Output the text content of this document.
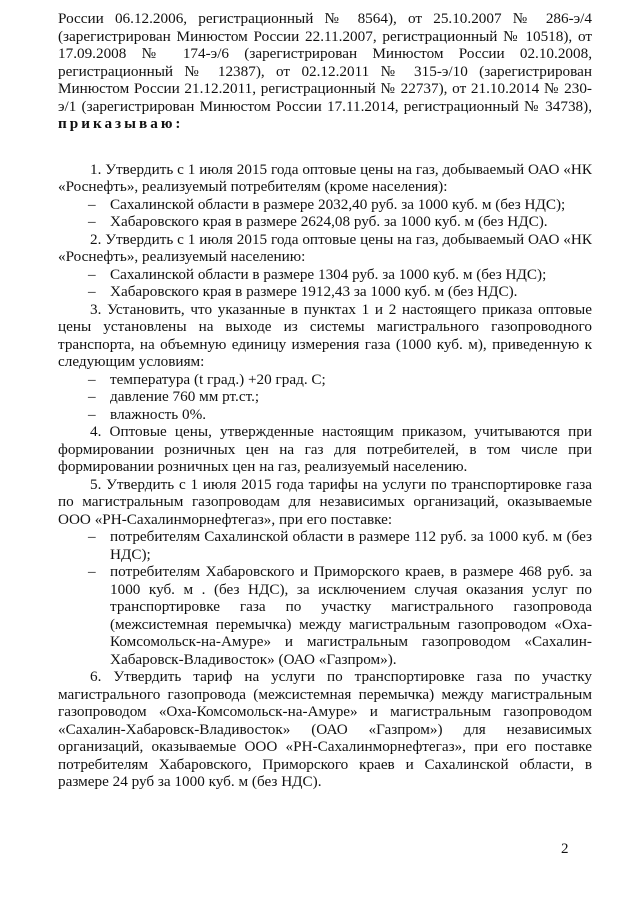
России 06.12.2006, регистрационный № 8564), от 25.10.2007 № 286-э/4 (зарегистрирован Минюстом России 22.11.2007, регистрационный № 10518), от 17.09.2008 № 174-э/6 (зарегистрирован Минюстом России 02.10.2008, регистрационный № 12387), от 02.12.2011 № 315-э/10 (зарегистрирован Минюстом России 21.12.2011, регистрационный № 22737), от 21.10.2014 № 230-э/1 (зарегистрирован Минюстом России 17.11.2014, регистрационный № 34738), приказываю:

1. Утвердить с 1 июля 2015 года оптовые цены на газ, добываемый ОАО «НК «Роснефть», реализуемый потребителям (кроме населения):

– Сахалинской области в размере 2032,40 руб. за 1000 куб. м (без НДС);

– Хабаровского края в размере 2624,08 руб. за 1000 куб. м (без НДС).

2. Утвердить с 1 июля 2015 года оптовые цены на газ, добываемый ОАО «НК «Роснефть», реализуемый населению:

– Сахалинской области в размере 1304 руб. за 1000 куб. м (без НДС);

– Хабаровского края в размере 1912,43 за 1000 куб. м (без НДС).

3. Установить, что указанные в пунктах 1 и 2 настоящего приказа оптовые цены установлены на выходе из системы магистрального газопроводного транспорта, на объемную единицу измерения газа (1000 куб. м), приведенную к следующим условиям:

– температура (t град.) +20 град. С;

– давление 760 мм рт.ст.;

– влажность 0%.

4. Оптовые цены, утвержденные настоящим приказом, учитываются при формировании розничных цен на газ для потребителей, в том числе при формировании розничных цен на газ, реализуемый населению.

5. Утвердить с 1 июля 2015 года тарифы на услуги по транспортировке газа по магистральным газопроводам для независимых организаций, оказываемые ООО «РН-Сахалинморнефтегаз», при его поставке:

– потребителям Сахалинской области в размере 112 руб. за 1000 куб. м (без НДС);

– потребителям Хабаровского и Приморского краев, в размере 468 руб. за 1000 куб. м . (без НДС), за исключением случая оказания услуг по транспортировке газа по участку магистрального газопровода (межсистемная перемычка) между магистральным газопроводом «Оха-Комсомольск-на-Амуре» и магистральным газопроводом «Сахалин-Хабаровск-Владивосток» (ОАО «Газпром»).

6. Утвердить тариф на услуги по транспортировке газа по участку магистрального газопровода (межсистемная перемычка) между магистральным газопроводом «Оха-Комсомольск-на-Амуре» и магистральным газопроводом «Сахалин-Хабаровск-Владивосток» (ОАО «Газпром») для независимых организаций, оказываемые ООО «РН-Сахалинморнефтегаз», при его поставке потребителям Хабаровского, Приморского краев и Сахалинской области, в размере 24 руб за 1000 куб. м (без НДС).

2
